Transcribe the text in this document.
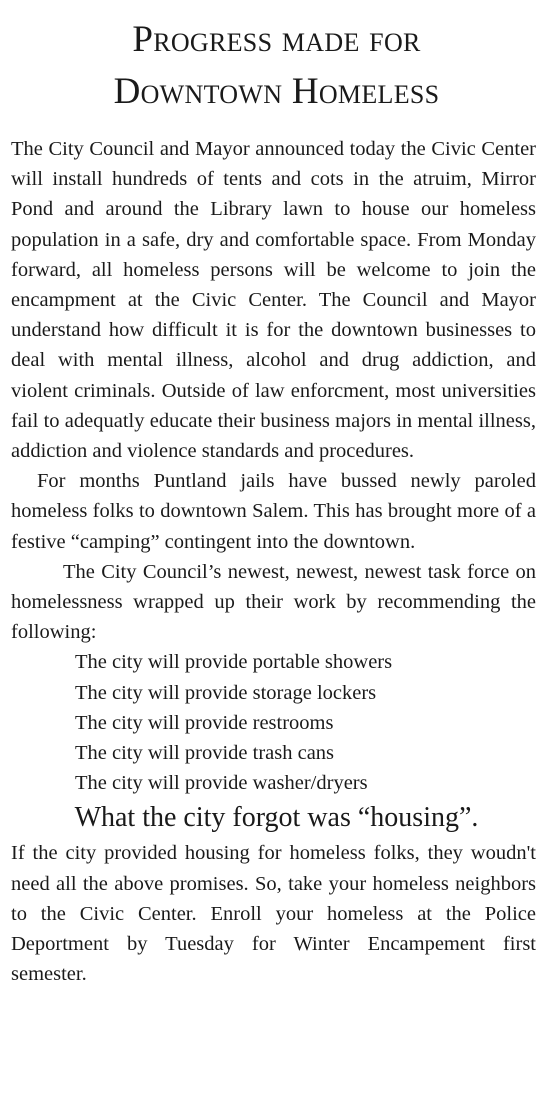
Progress made for
Downtown Homeless

The City Council and Mayor announced today the Civic Center will install hundreds of tents and cots in the atruim, Mirror Pond and around the Library lawn to house our homeless population in a safe, dry and comfortable space. From Monday forward, all homeless persons will be welcome to join the encampment at the Civic Center. The Council and Mayor understand how difficult it is for the downtown businesses to deal with mental illness, alcohol and drug addiction, and violent criminals. Outside of law enforcment, most universities fail to adequatly educate their business majors in mental illness, addiction and violence standards and procedures.

For months Puntland jails have bussed newly paroled homeless folks to downtown Salem. This has brought more of a festive “camping” contingent into the downtown.

The City Council’s newest, newest, newest task force on homelessness wrapped up their work by recommending the following:

The city will provide portable showers
The city will provide storage lockers
The city will provide restrooms
The city will provide trash cans
The city will provide washer/dryers

What the city forgot was “housing”.

If the city provided housing for homeless folks, they woudn't need all the above promises. So, take your homeless neighbors to the Civic Center. Enroll your homeless at the Police Deportment by Tuesday for Winter Encampement first semester.
